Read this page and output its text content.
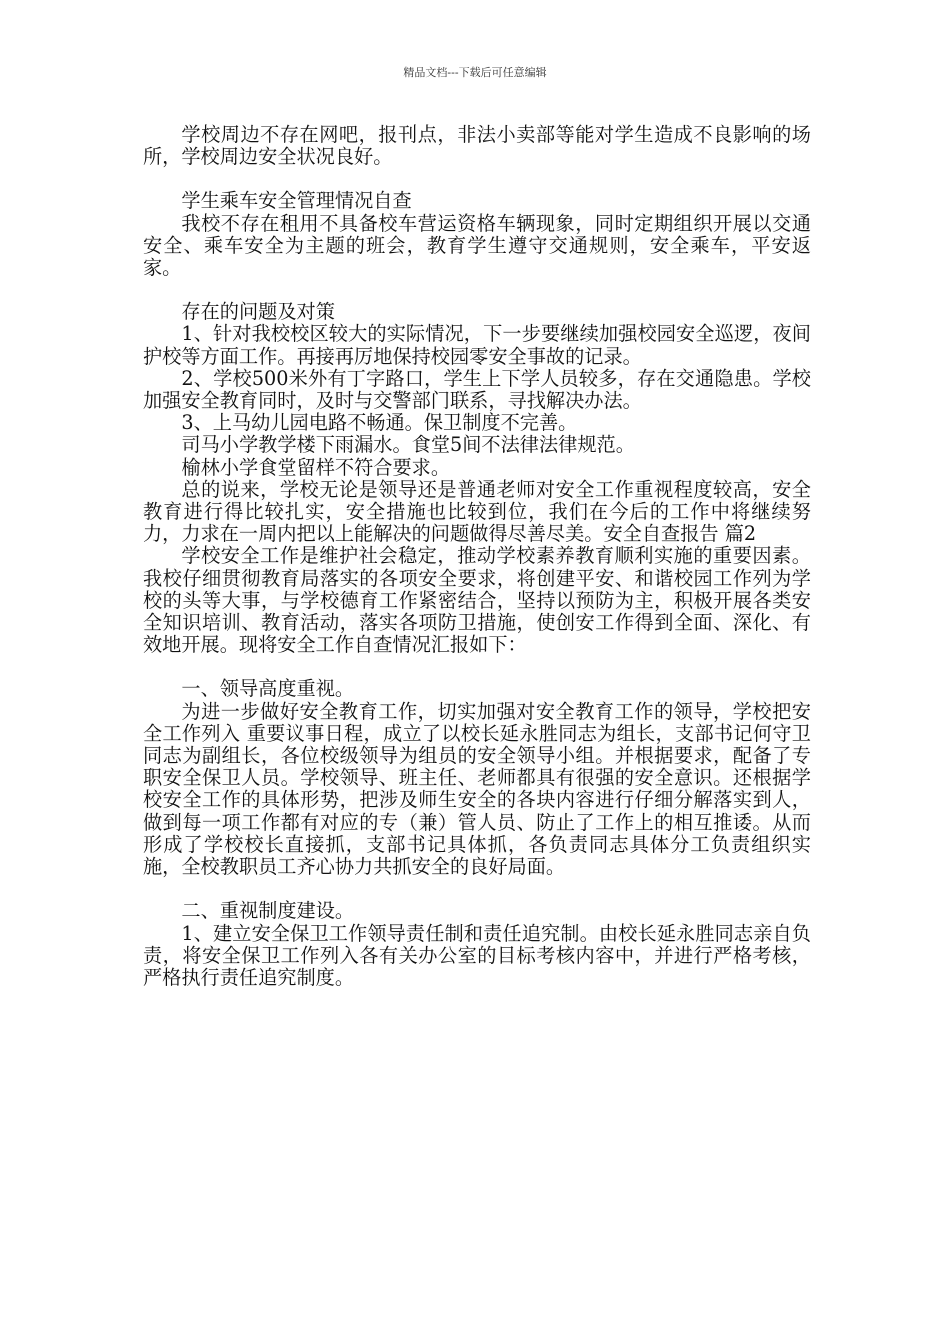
精品文档---下载后可任意编辑
学校周边不存在网吧，报刊点，非法小卖部等能对学生造成不良影响的场所，学校周边安全状况良好。
学生乘车安全管理情况自查
我校不存在租用不具备校车营运资格车辆现象，同时定期组织开展以交通安全、乘车安全为主题的班会，教育学生遵守交通规则，安全乘车，平安返家。
存在的问题及对策
1、针对我校校区较大的实际情况，下一步要继续加强校园安全巡逻，夜间护校等方面工作。再接再厉地保持校园零安全事故的记录。
2、学校500米外有丁字路口，学生上下学人员较多，存在交通隐患。学校加强安全教育同时，及时与交警部门联系，寻找解决办法。
3、上马幼儿园电路不畅通。保卫制度不完善。
司马小学教学楼下雨漏水。食堂5间不法律法律规范。
榆林小学食堂留样不符合要求。
总的说来，学校无论是领导还是普通老师对安全工作重视程度较高，安全教育进行得比较扎实，安全措施也比较到位，我们在今后的工作中将继续努力，力求在一周内把以上能解决的问题做得尽善尽美。安全自查报告 篇2
学校安全工作是维护社会稳定，推动学校素养教育顺利实施的重要因素。我校仔细贯彻教育局落实的各项安全要求，将创建平安、和谐校园工作列为学校的头等大事，与学校德育工作紧密结合，坚持以预防为主，积极开展各类安全知识培训、教育活动，落实各项防卫措施，使创安工作得到全面、深化、有效地开展。现将安全工作自查情况汇报如下：
一、领导高度重视。
为进一步做好安全教育工作，切实加强对安全教育工作的领导，学校把安全工作列入 重要议事日程，成立了以校长延永胜同志为组长，支部书记何守卫同志为副组长，各位校级领导为组员的安全领导小组。并根据要求，配备了专职安全保卫人员。学校领导、班主任、老师都具有很强的安全意识。还根据学校安全工作的具体形势，把涉及师生安全的各块内容进行仔细分解落实到人，做到每一项工作都有对应的专（兼）管人员、防止了工作上的相互推诿。从而形成了学校校长直接抓，支部书记具体抓，各负责同志具体分工负责组织实施，全校教职员工齐心协力共抓安全的良好局面。
二、重视制度建设。
1、建立安全保卫工作领导责任制和责任追究制。由校长延永胜同志亲自负责，将安全保卫工作列入各有关办公室的目标考核内容中，并进行严格考核，严格执行责任追究制度。
